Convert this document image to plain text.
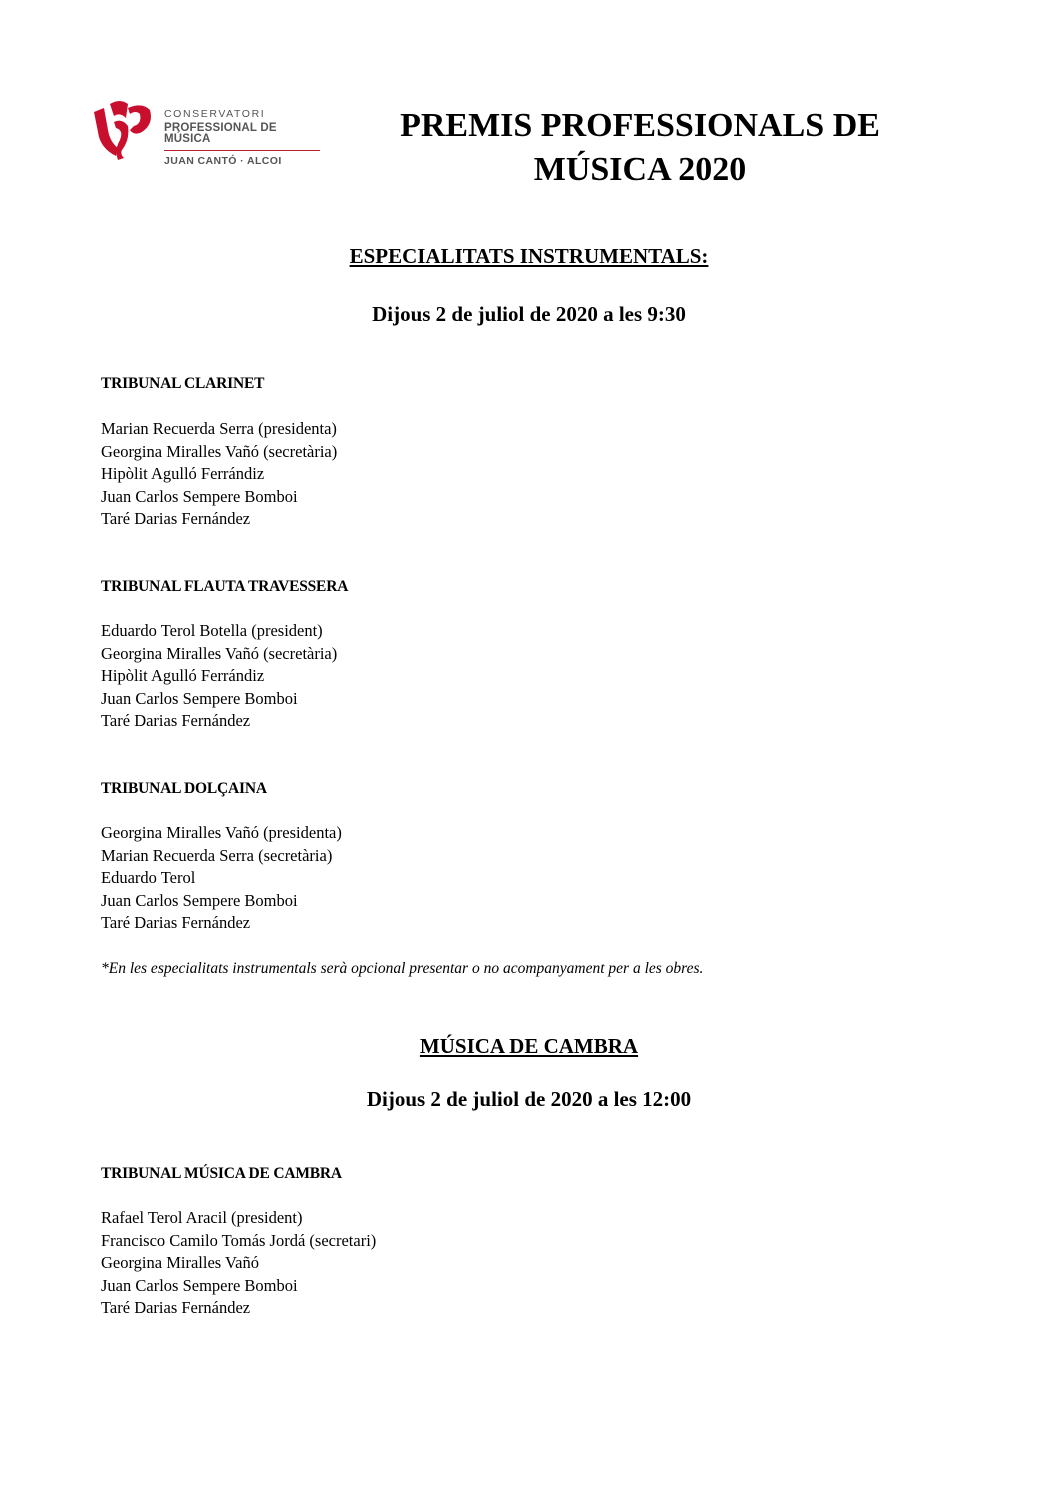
CONSERVATORI
PROFESSIONAL DE MÚSICA
JUAN CANTÓ · ALCOI
PREMIS PROFESSIONALS DE
MÚSICA 2020
ESPECIALITATS INSTRUMENTALS:

Dijous 2 de juliol de 2020 a les 9:30

TRIBUNAL CLARINET

Marian Recuerda Serra (presidenta)
Georgina Miralles Vañó (secretària)
Hipòlit Agulló Ferrándiz
Juan Carlos Sempere Bomboi
Taré Darias Fernández

TRIBUNAL FLAUTA TRAVESSERA

Eduardo Terol Botella (president)
Georgina Miralles Vañó (secretària)
Hipòlit Agulló Ferrándiz
Juan Carlos Sempere Bomboi
Taré Darias Fernández

TRIBUNAL DOLÇAINA

Georgina Miralles Vañó (presidenta)
Marian Recuerda Serra (secretària)
Eduardo Terol
Juan Carlos Sempere Bomboi
Taré Darias Fernández

*En les especialitats instrumentals serà opcional presentar o no acompanyament per a les obres.

MÚSICA DE CAMBRA

Dijous 2 de juliol de 2020 a les 12:00

TRIBUNAL MÚSICA DE CAMBRA

Rafael Terol Aracil (president)
Francisco Camilo Tomás Jordá (secretari)
Georgina Miralles Vañó
Juan Carlos Sempere Bomboi
Taré Darias Fernández
